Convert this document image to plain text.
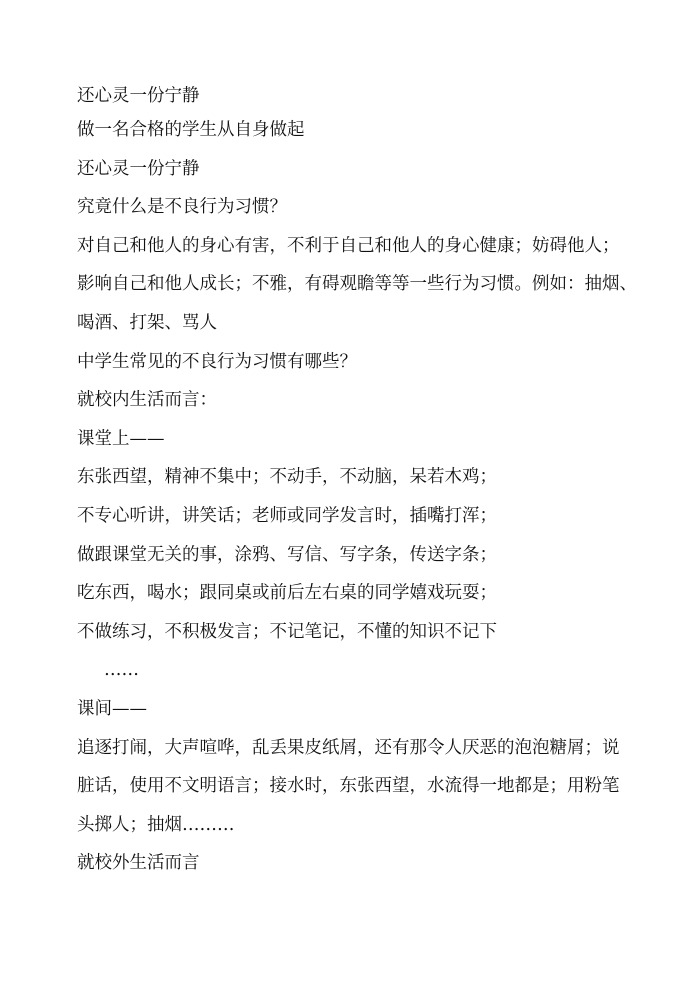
还心灵一份宁静
做一名合格的学生从自身做起
还心灵一份宁静
究竟什么是不良行为习惯？
对自己和他人的身心有害，不利于自己和他人的身心健康；妨碍他人；
影响自己和他人成长；不雅，有碍观瞻等等一些行为习惯。例如：抽烟、
喝酒、打架、骂人
中学生常见的不良行为习惯有哪些？
就校内生活而言：
课堂上——
东张西望，精神不集中；不动手，不动脑，呆若木鸡；
不专心听讲，讲笑话；老师或同学发言时，插嘴打浑；
做跟课堂无关的事，涂鸦、写信、写字条，传送字条；
吃东西，喝水；跟同桌或前后左右桌的同学嬉戏玩耍；
不做练习，不积极发言；不记笔记，不懂的知识不记下
……
课间——
追逐打闹，大声喧哗，乱丢果皮纸屑，还有那令人厌恶的泡泡糖屑；说
脏话，使用不文明语言；接水时，东张西望，水流得一地都是；用粉笔
头掷人；抽烟………
就校外生活而言
